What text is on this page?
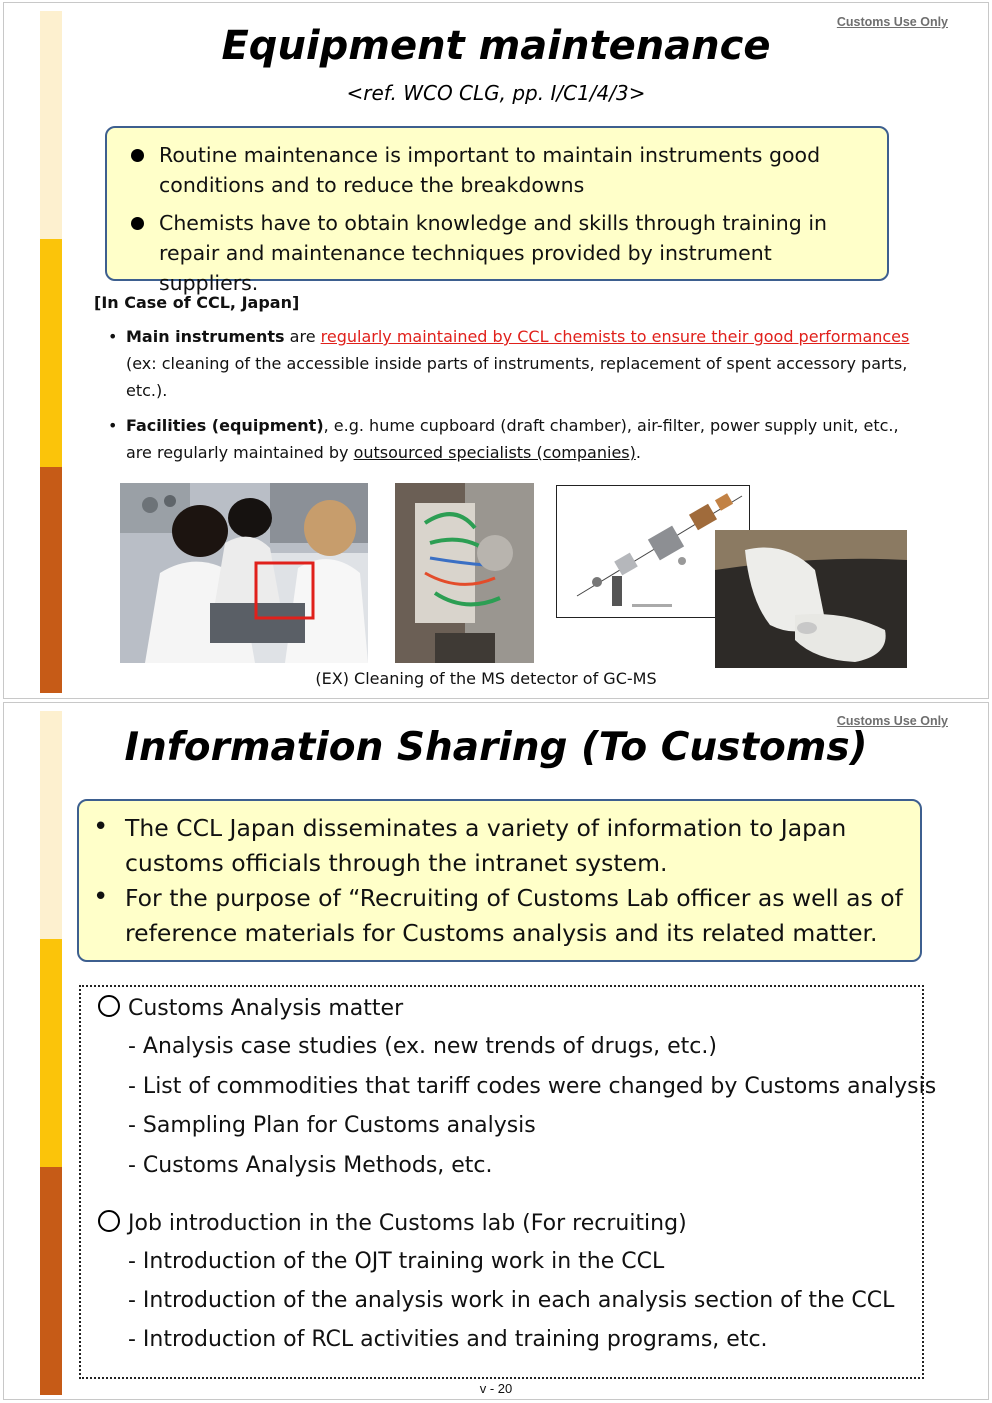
Customs Use Only
Equipment maintenance
<ref. WCO CLG, pp. I/C1/4/3>
Routine maintenance is important to maintain instruments good conditions and to reduce the breakdowns
Chemists have to obtain knowledge and skills through training in repair and maintenance techniques provided by instrument suppliers.
[In Case of CCL, Japan]
• Main instruments are regularly maintained by CCL chemists to ensure their good performances (ex: cleaning of the accessible inside parts of instruments, replacement of spent accessory parts, etc.).
• Facilities (equipment), e.g. hume cupboard (draft chamber), air-filter, power supply unit, etc., are regularly maintained by outsourced specialists (companies).
(EX) Cleaning of the MS detector of GC-MS
Customs Use Only
Information Sharing (To Customs)
• The CCL Japan disseminates a variety of information to Japan customs officials through the intranet system.
• For the purpose of “Recruiting of Customs Lab officer as well as of reference materials for Customs analysis and its related matter.
Customs Analysis matter
- Analysis case studies (ex. new trends of drugs, etc.)
- List of commodities that tariff codes were changed by Customs analysis
- Sampling Plan for Customs analysis
- Customs Analysis Methods, etc.
Job introduction in the Customs lab (For recruiting)
- Introduction of the OJT training work in the CCL
- Introduction of the analysis work in each analysis section of the CCL
- Introduction of RCL activities and training programs, etc.
v - 20
